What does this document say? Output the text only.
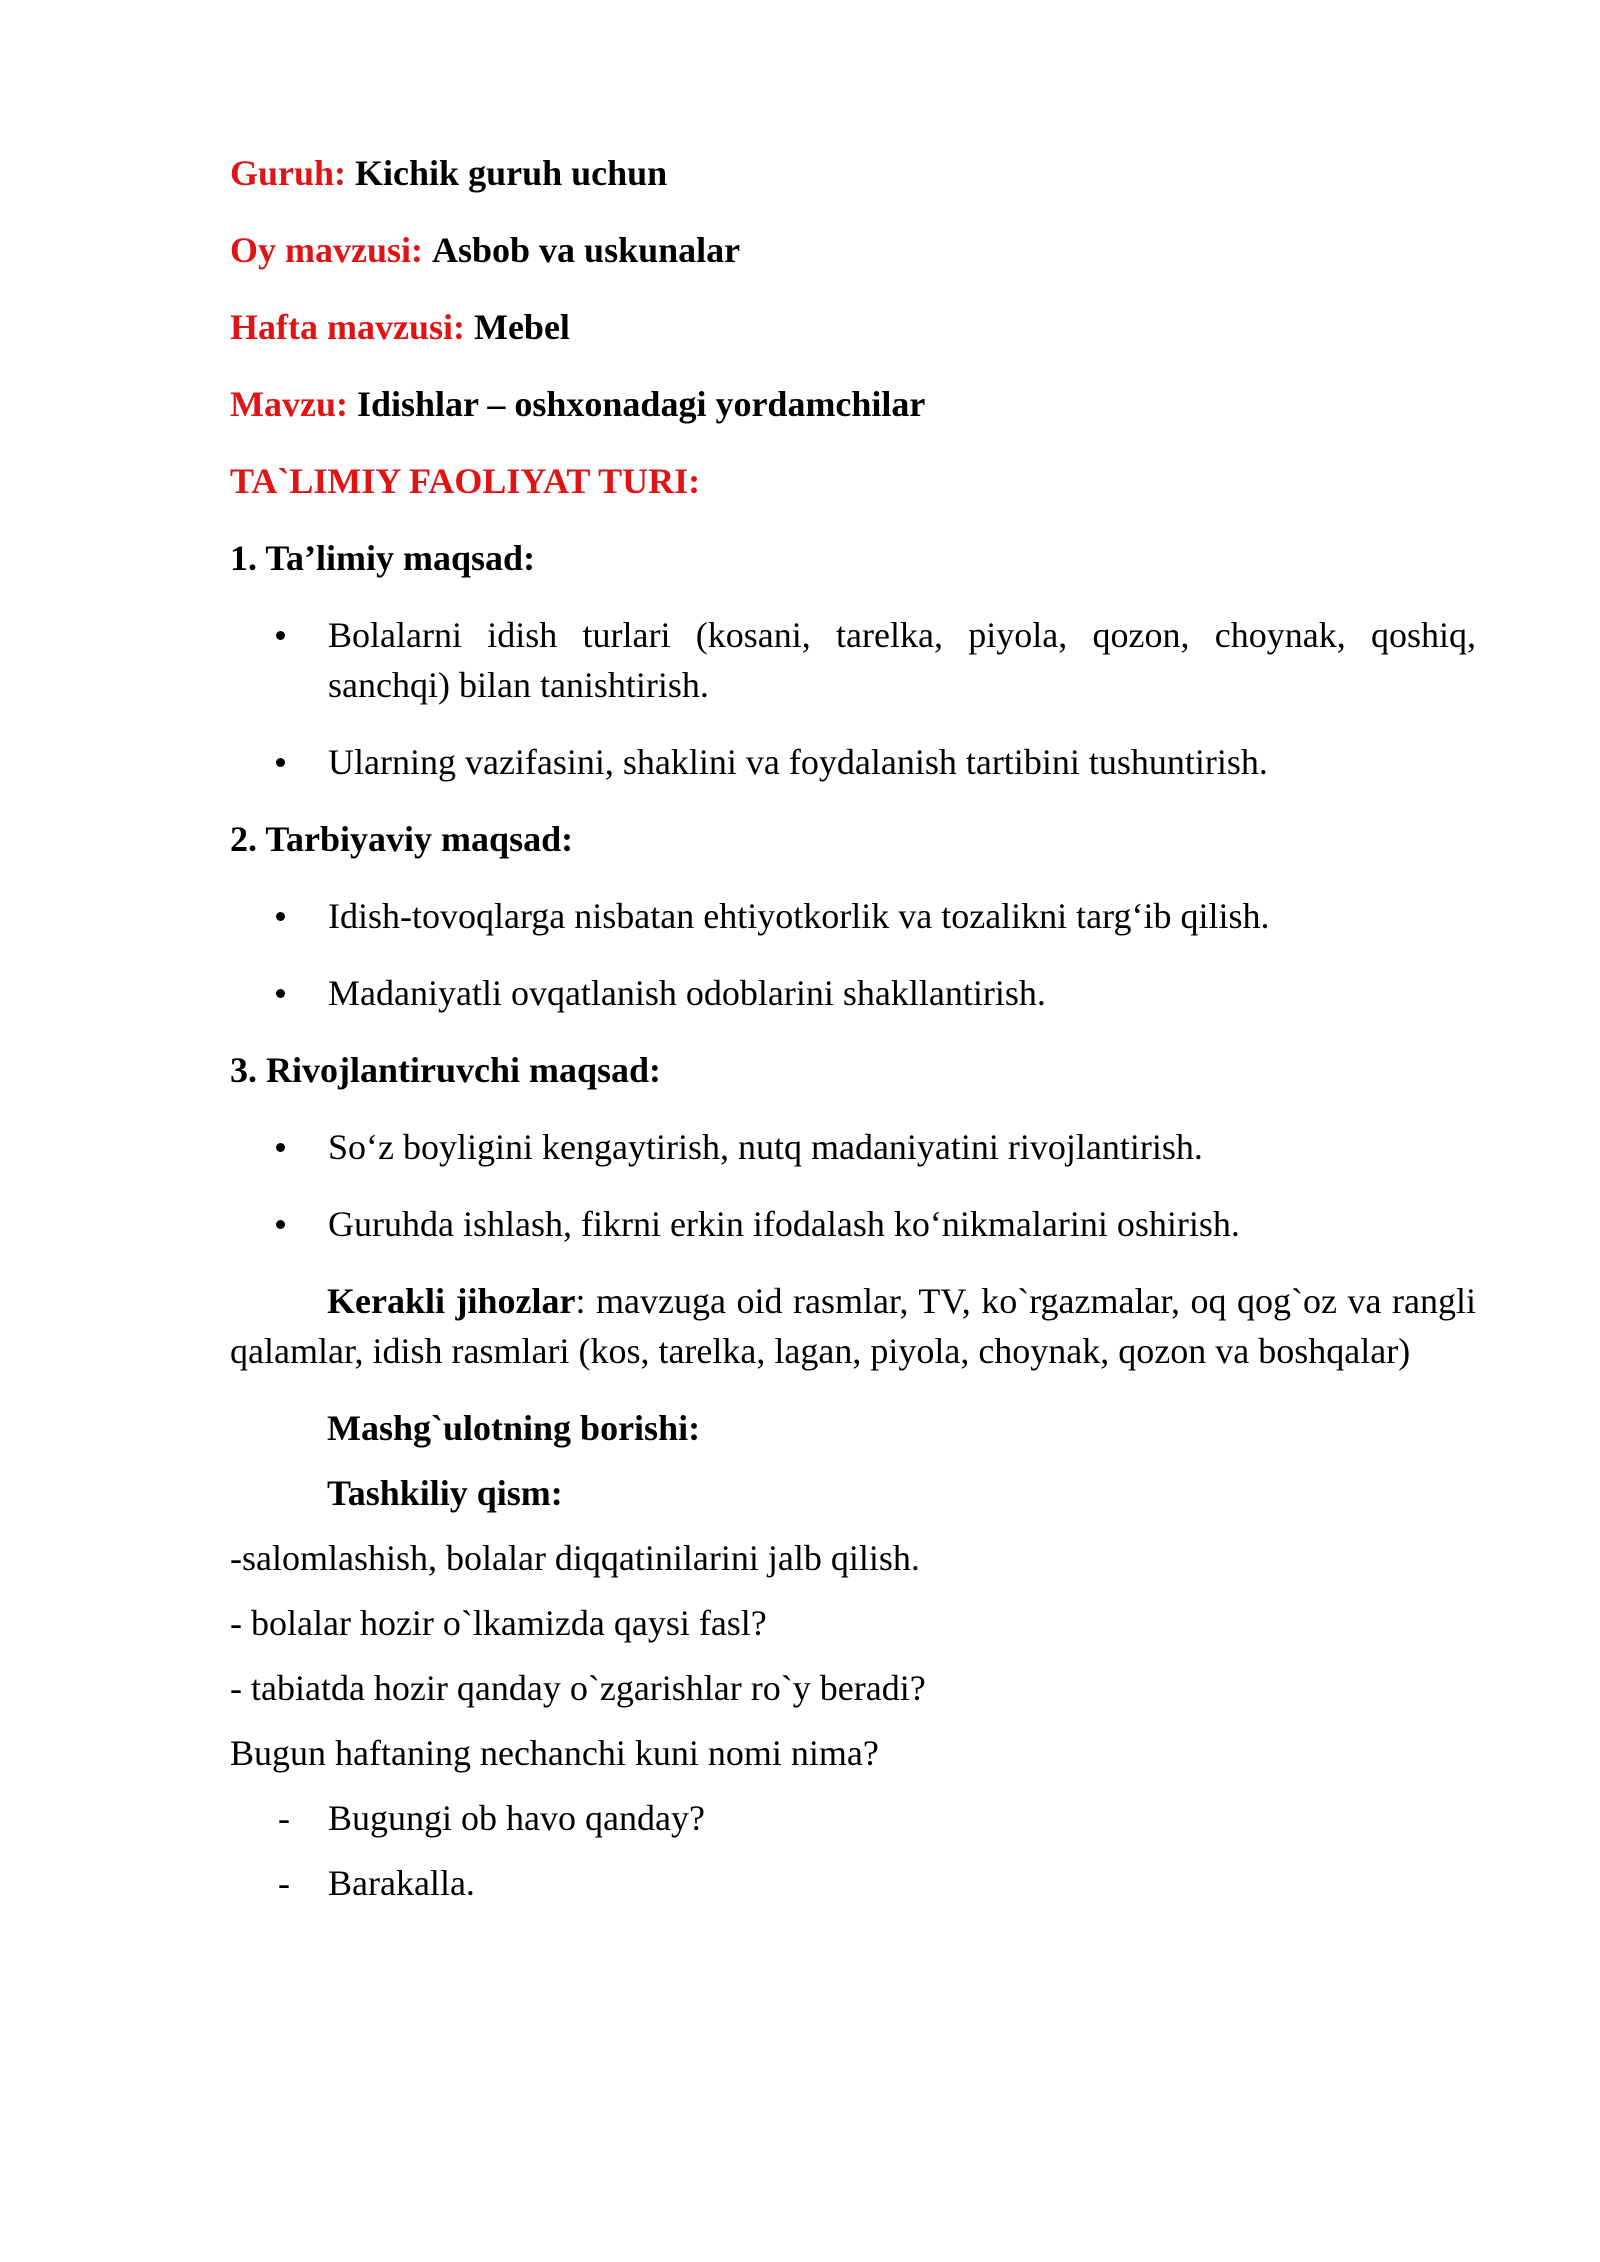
Guruh: Kichik guruh uchun
Oy mavzusi: Asbob va uskunalar
Hafta mavzusi: Mebel
Mavzu: Idishlar – oshxonadagi yordamchilar
TA`LIMIY FAOLIYAT TURI:
1. Ta’limiy maqsad:
Bolalarni idish turlari (kosani, tarelka, piyola, qozon, choynak, qoshiq, sanchqi) bilan tanishtirish.
Ularning vazifasini, shaklini va foydalanish tartibini tushuntirish.
2. Tarbiyaviy maqsad:
Idish-tovoqlarga nisbatan ehtiyotkorlik va tozalikni targ‘ib qilish.
Madaniyatli ovqatlanish odoblarini shakllantirish.
3. Rivojlantiruvchi maqsad:
So‘z boyligini kengaytirish, nutq madaniyatini rivojlantirish.
Guruhda ishlash, fikrni erkin ifodalash ko‘nikmalarini oshirish.
Kerakli jihozlar: mavzuga oid rasmlar, TV, ko`rgazmalar, oq qog`oz va rangli qalamlar, idish rasmlari (kos, tarelka, lagan, piyola, choynak, qozon va boshqalar)
Mashg`ulotning borishi:
Tashkiliy qism:
-salomlashish, bolalar diqqatinilarini jalb qilish.
- bolalar hozir o`lkamizda qaysi fasl?
- tabiatda hozir qanday o`zgarishlar ro`y beradi?
Bugun haftaning nechanchi kuni nomi nima?
- Bugungi ob havo qanday?
- Barakalla.
